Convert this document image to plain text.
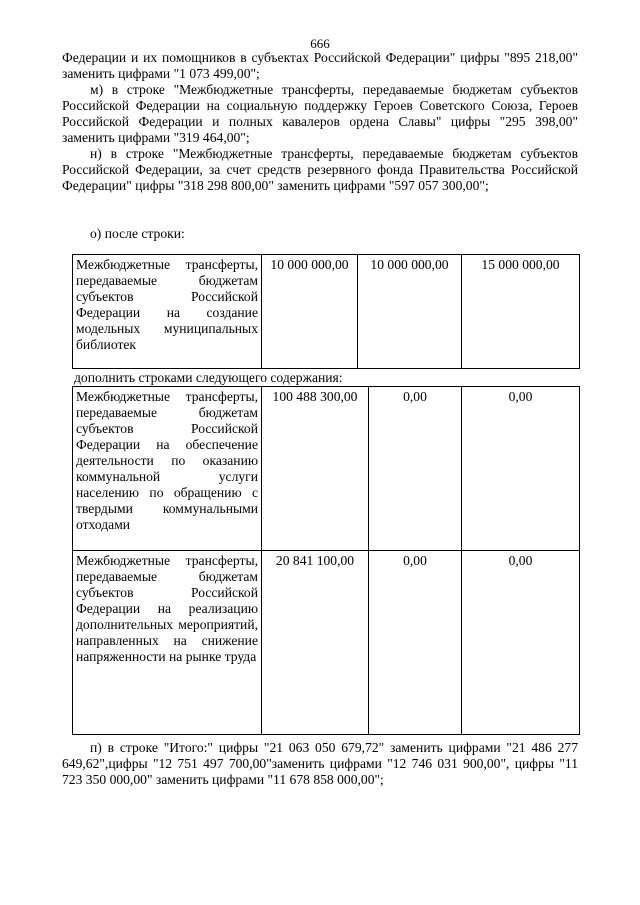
666

Федерации и их помощников в субъектах Российской Федерации" цифры "895 218,00" заменить цифрами "1 073 499,00";

м) в строке "Межбюджетные трансферты, передаваемые бюджетам субъектов Российской Федерации на социальную поддержку Героев Советского Союза, Героев Российской Федерации и полных кавалеров ордена Славы" цифры "295 398,00" заменить цифрами "319 464,00";

н) в строке "Межбюджетные трансферты, передаваемые бюджетам субъектов Российской Федерации, за счет средств резервного фонда Правительства Российской Федерации" цифры "318 298 800,00" заменить цифрами "597 057 300,00";

о) после строки:

Межбюджетные трансферты, передаваемые бюджетам субъектов Российской Федерации на создание модельных муниципальных библиотек	10 000 000,00	10 000 000,00	15 000 000,00

дополнить строками следующего содержания:

Межбюджетные трансферты, передаваемые бюджетам субъектов Российской Федерации на обеспечение деятельности по оказанию коммунальной услуги населению по обращению с твердыми коммунальными отходами	100 488 300,00	0,00	0,00
Межбюджетные трансферты, передаваемые бюджетам субъектов Российской Федерации на реализацию дополнительных мероприятий, направленных на снижение напряженности на рынке труда	20 841 100,00	0,00	0,00

п) в строке "Итого:" цифры "21 063 050 679,72" заменить цифрами "21 486 277 649,62",цифры "12 751 497 700,00"заменить цифрами "12 746 031 900,00", цифры "11 723 350 000,00" заменить цифрами "11 678 858 000,00";
